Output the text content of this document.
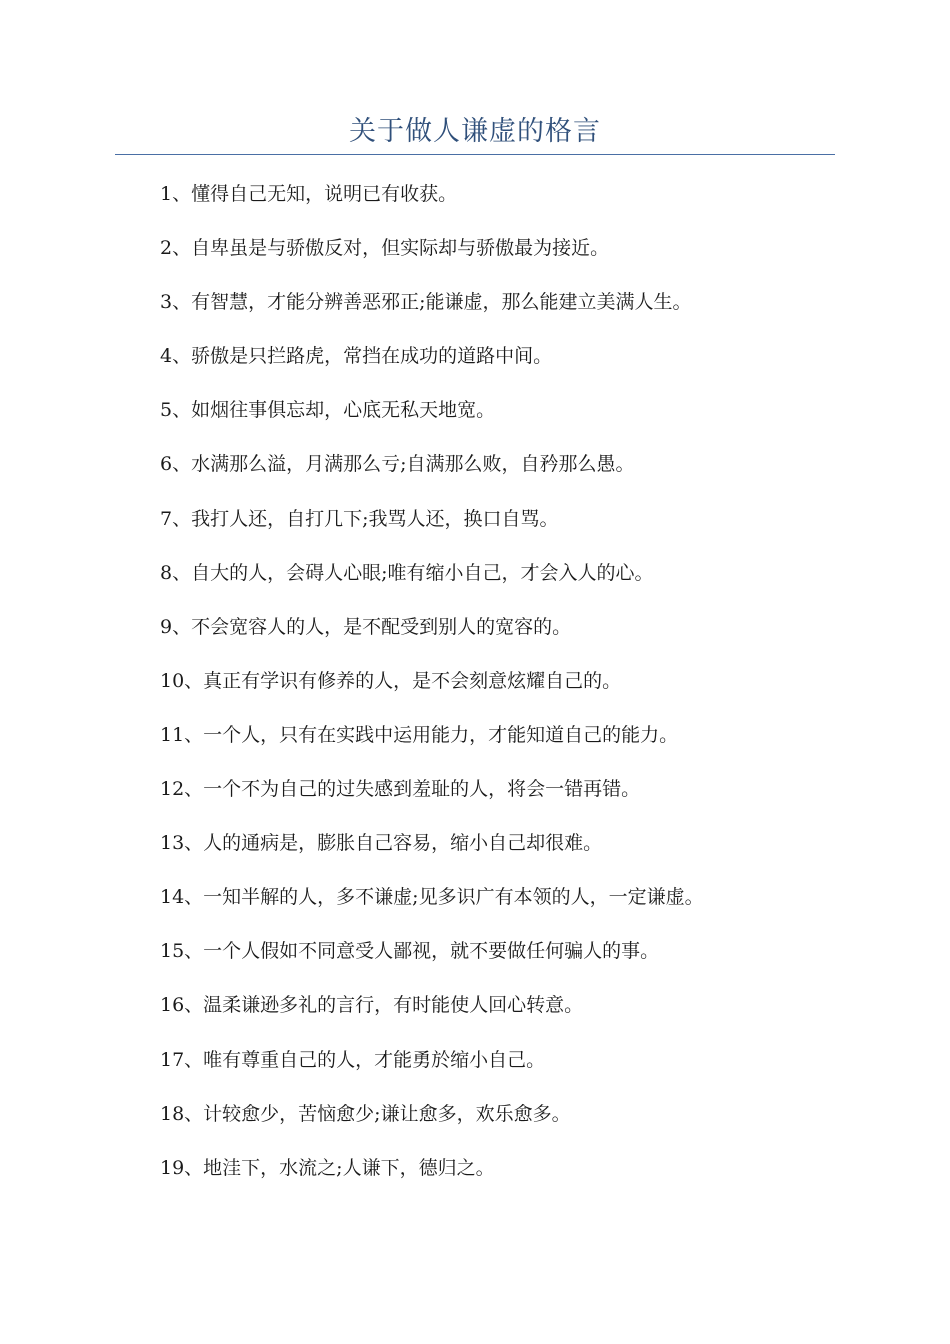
关于做人谦虚的格言
1、懂得自己无知，说明已有收获。
2、自卑虽是与骄傲反对，但实际却与骄傲最为接近。
3、有智慧，才能分辨善恶邪正;能谦虚，那么能建立美满人生。
4、骄傲是只拦路虎，常挡在成功的道路中间。
5、如烟往事俱忘却，心底无私天地宽。
6、水满那么溢，月满那么亏;自满那么败，自矜那么愚。
7、我打人还，自打几下;我骂人还，换口自骂。
8、自大的人，会碍人心眼;唯有缩小自己，才会入人的心。
9、不会宽容人的人，是不配受到别人的宽容的。
10、真正有学识有修养的人，是不会刻意炫耀自己的。
11、一个人，只有在实践中运用能力，才能知道自己的能力。
12、一个不为自己的过失感到羞耻的人，将会一错再错。
13、人的通病是，膨胀自己容易，缩小自己却很难。
14、一知半解的人，多不谦虚;见多识广有本领的人，一定谦虚。
15、一个人假如不同意受人鄙视，就不要做任何骗人的事。
16、温柔谦逊多礼的言行，有时能使人回心转意。
17、唯有尊重自己的人，才能勇於缩小自己。
18、计较愈少，苦恼愈少;谦让愈多，欢乐愈多。
19、地洼下，水流之;人谦下，德归之。
